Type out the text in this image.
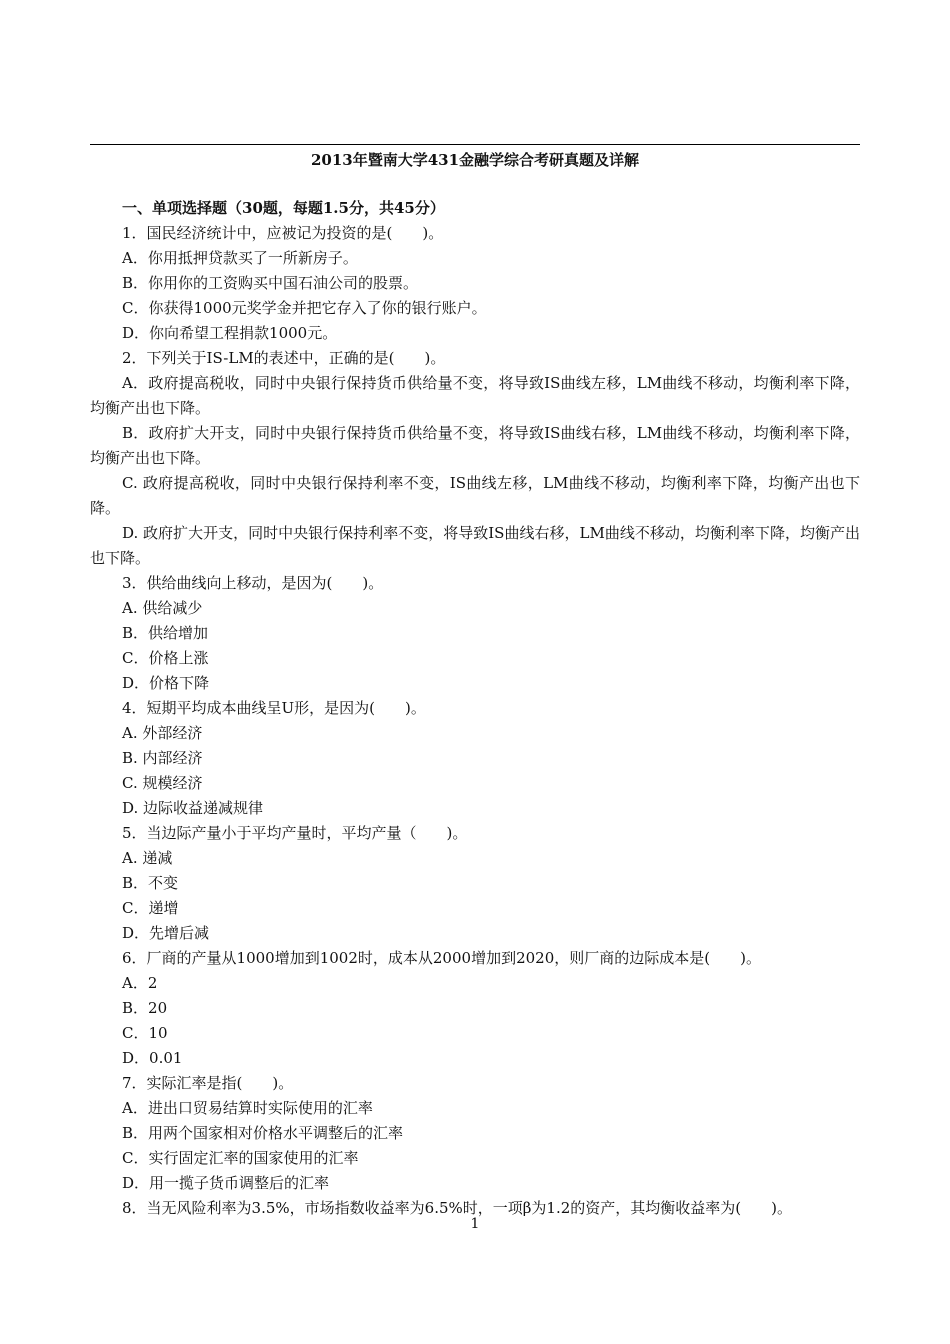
2013年暨南大学431金融学综合考研真题及详解
一、单项选择题（30题，每题1.5分，共45分）
1．国民经济统计中，应被记为投资的是(　　)。
A．你用抵押贷款买了一所新房子。
B．你用你的工资购买中国石油公司的股票。
C．你获得1000元奖学金并把它存入了你的银行账户。
D．你向希望工程捐款1000元。
2．下列关于IS-LM的表述中，正确的是(　　)。
A．政府提高税收，同时中央银行保持货币供给量不变，将导致IS曲线左移，LM曲线不移动，均衡利率下降，均衡产出也下降。
B．政府扩大开支，同时中央银行保持货币供给量不变，将导致IS曲线右移，LM曲线不移动，均衡利率下降，均衡产出也下降。
C. 政府提高税收，同时中央银行保持利率不变，IS曲线左移，LM曲线不移动，均衡利率下降，均衡产出也下降。
D. 政府扩大开支，同时中央银行保持利率不变，将导致IS曲线右移，LM曲线不移动，均衡利率下降，均衡产出也下降。
3．供给曲线向上移动，是因为(　　)。
A. 供给减少
B．供给增加
C．价格上涨
D．价格下降
4．短期平均成本曲线呈U形，是因为(　　)。
A. 外部经济
B. 内部经济
C. 规模经济
D. 边际收益递减规律
5．当边际产量小于平均产量时，平均产量（　　)。
A. 递减
B．不变
C．递增
D．先增后减
6．厂商的产量从1000增加到1002时，成本从2000增加到2020，则厂商的边际成本是(　　)。
A．2
B．20
C．10
D．0.01
7．实际汇率是指(　　)。
A．进出口贸易结算时实际使用的汇率
B．用两个国家相对价格水平调整后的汇率
C．实行固定汇率的国家使用的汇率
D．用一揽子货币调整后的汇率
8．当无风险利率为3.5%，市场指数收益率为6.5%时，一项β为1.2的资产，其均衡收益率为(　　)。
1
